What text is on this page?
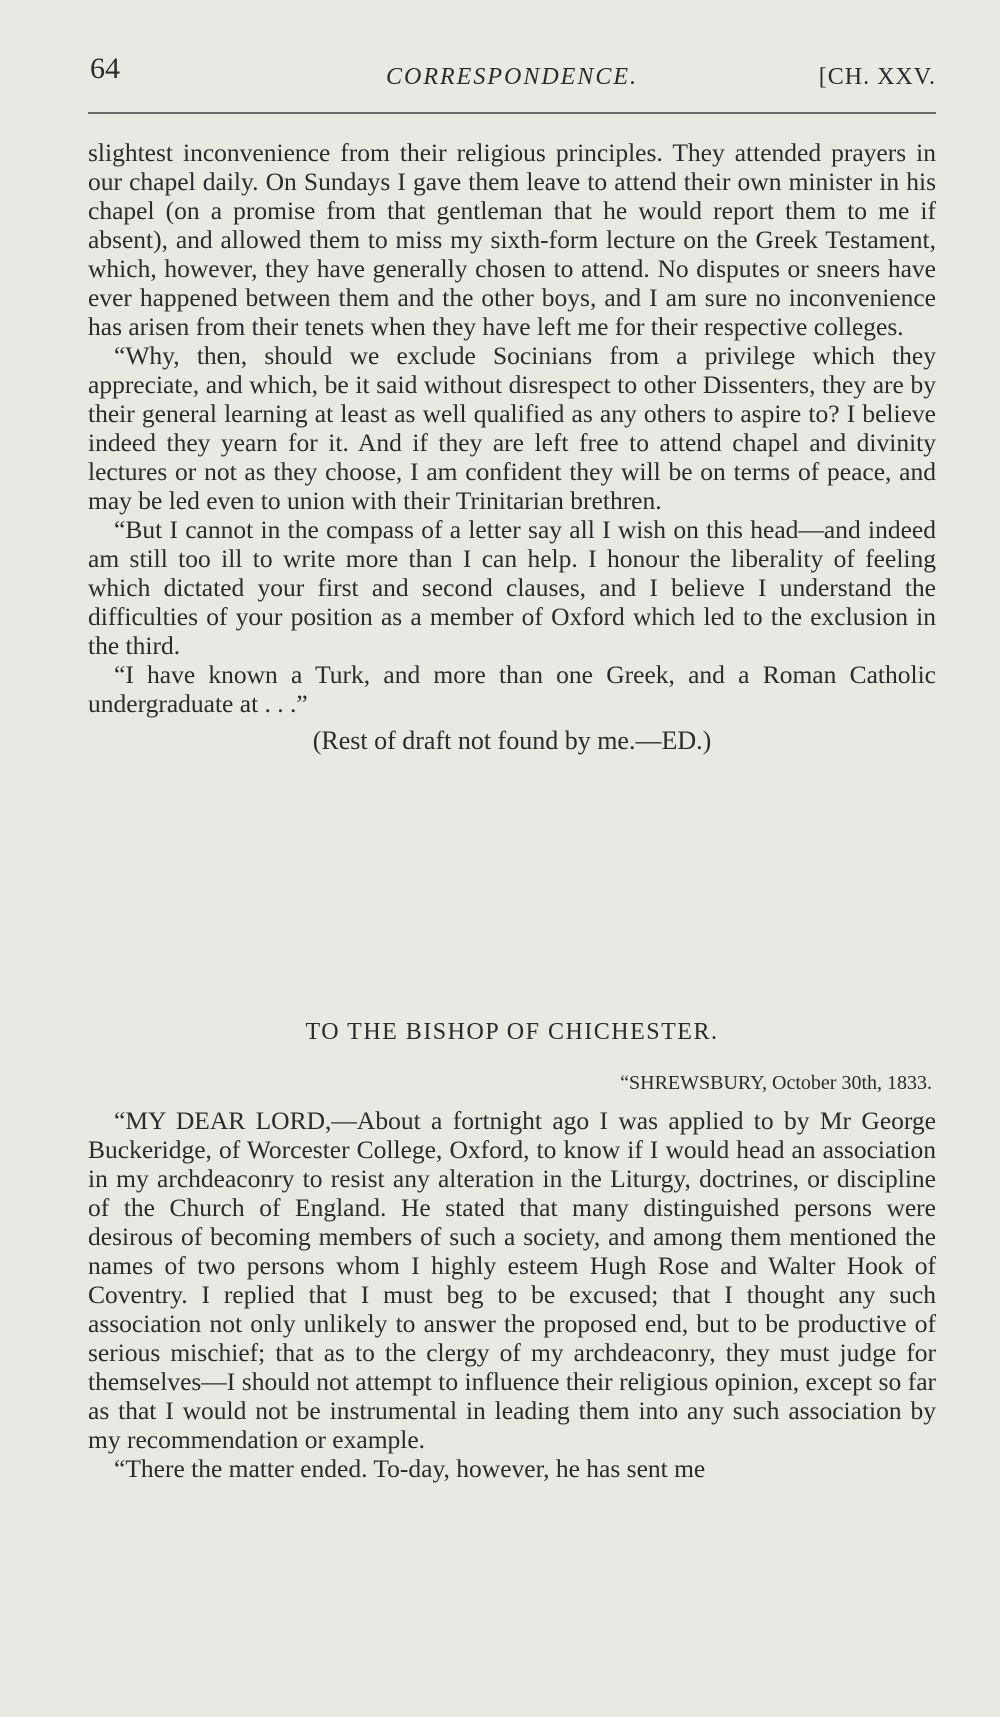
64	CORRESPONDENCE.	[CH. XXV.

slightest inconvenience from their religious principles. They attended prayers in our chapel daily. On Sundays I gave them leave to attend their own minister in his chapel (on a promise from that gentleman that he would report them to me if absent), and allowed them to miss my sixth-form lecture on the Greek Testament, which, however, they have generally chosen to attend. No disputes or sneers have ever happened between them and the other boys, and I am sure no inconvenience has arisen from their tenets when they have left me for their respective colleges.

“Why, then, should we exclude Socinians from a privilege which they appreciate, and which, be it said without disrespect to other Dissenters, they are by their general learning at least as well qualified as any others to aspire to? I believe indeed they yearn for it. And if they are left free to attend chapel and divinity lectures or not as they choose, I am confident they will be on terms of peace, and may be led even to union with their Trinitarian brethren.

“But I cannot in the compass of a letter say all I wish on this head—and indeed am still too ill to write more than I can help. I honour the liberality of feeling which dictated your first and second clauses, and I believe I understand the difficulties of your position as a member of Oxford which led to the exclusion in the third.

“I have known a Turk, and more than one Greek, and a Roman Catholic undergraduate at . . .”

(Rest of draft not found by me.—ED.)

TO THE BISHOP OF CHICHESTER.

“SHREWSBURY, October 30th, 1833.

“MY DEAR LORD,—About a fortnight ago I was applied to by Mr George Buckeridge, of Worcester College, Oxford, to know if I would head an association in my archdeaconry to resist any alteration in the Liturgy, doctrines, or discipline of the Church of England. He stated that many distinguished persons were desirous of becoming members of such a society, and among them mentioned the names of two persons whom I highly esteem Hugh Rose and Walter Hook of Coventry. I replied that I must beg to be excused; that I thought any such association not only unlikely to answer the proposed end, but to be productive of serious mischief; that as to the clergy of my archdeaconry, they must judge for themselves—I should not attempt to influence their religious opinion, except so far as that I would not be instrumental in leading them into any such association by my recommendation or example.

“There the matter ended. To-day, however, he has sent me
